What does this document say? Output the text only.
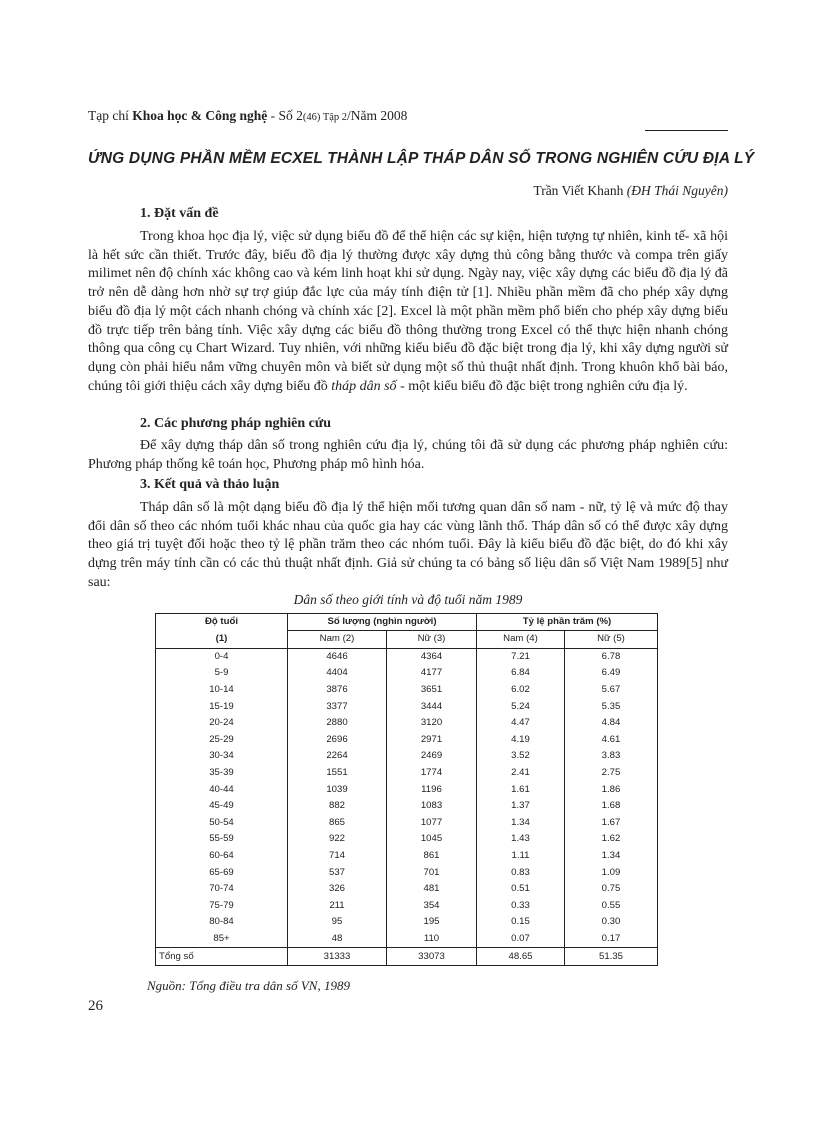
Tạp chí Khoa học & Công nghệ - Số 2(46) Tập 2/Năm 2008
ỨNG DỤNG PHẦN MỀM ECXEL THÀNH LẬP THÁP DÂN SỐ TRONG NGHIÊN CỨU ĐỊA LÝ
Trần Viết Khanh (ĐH Thái Nguyên)
1. Đặt vấn đề
Trong khoa học địa lý, việc sử dụng biểu đồ để thể hiện các sự kiện, hiện tượng tự nhiên, kinh tế- xã hội là hết sức cần thiết. Trước đây, biểu đồ địa lý thường được xây dựng thủ công bằng thước và compa trên giấy milimet nên độ chính xác không cao và kém linh hoạt khi sử dụng. Ngày nay, việc xây dựng các biểu đồ địa lý đã trở nên dễ dàng hơn nhờ sự trợ giúp đắc lực của máy tính điện tử [1]. Nhiều phần mềm đã cho phép xây dựng biểu đồ địa lý một cách nhanh chóng và chính xác [2]. Excel là một phần mềm phổ biến cho phép xây dựng biểu đồ trực tiếp trên bảng tính. Việc xây dựng các biểu đồ thông thường trong Excel có thể thực hiện nhanh chóng thông qua công cụ Chart Wizard. Tuy nhiên, với những kiểu biểu đồ đặc biệt trong địa lý, khi xây dựng người sử dụng còn phải hiểu nắm vững chuyên môn và biết sử dụng một số thủ thuật nhất định. Trong khuôn khổ bài báo, chúng tôi giới thiệu cách xây dựng biểu đồ tháp dân số - một kiểu biểu đồ đặc biệt trong nghiên cứu địa lý.
2. Các phương pháp nghiên cứu
Để xây dựng tháp dân số trong nghiên cứu địa lý, chúng tôi đã sử dụng các phương pháp nghiên cứu: Phương pháp thống kê toán học, Phương pháp mô hình hóa.
3. Kết quả và thảo luận
Tháp dân số là một dạng biểu đồ địa lý thể hiện mối tương quan dân số nam - nữ, tỷ lệ và mức độ thay đổi dân số theo các nhóm tuổi khác nhau của quốc gia hay các vùng lãnh thổ. Tháp dân số có thể được xây dựng theo giá trị tuyệt đối hoặc theo tỷ lệ phần trăm theo các nhóm tuổi. Đây là kiểu biểu đồ đặc biệt, do đó khi xây dựng trên máy tính cần có các thủ thuật nhất định. Giả sử chúng ta có bảng số liệu dân số Việt Nam 1989[5] như sau:
Dân số theo giới tính và độ tuổi năm 1989
Độ tuổi	Số lượng (nghìn người)		Tỷ lệ phần trăm (%)	
(1)	Nam (2)	Nữ (3)	Nam (4)	Nữ (5)
0-4	4646	4364	7.21	6.78
5-9	4404	4177	6.84	6.49
10-14	3876	3651	6.02	5.67
15-19	3377	3444	5.24	5.35
20-24	2880	3120	4.47	4.84
25-29	2696	2971	4.19	4.61
30-34	2264	2469	3.52	3.83
35-39	1551	1774	2.41	2.75
40-44	1039	1196	1.61	1.86
45-49	882	1083	1.37	1.68
50-54	865	1077	1.34	1.67
55-59	922	1045	1.43	1.62
60-64	714	861	1.11	1.34
65-69	537	701	0.83	1.09
70-74	326	481	0.51	0.75
75-79	211	354	0.33	0.55
80-84	95	195	0.15	0.30
85+	48	110	0.07	0.17
Tổng số	31333	33073	48.65	51.35
Nguồn: Tổng điều tra dân số VN, 1989
26
